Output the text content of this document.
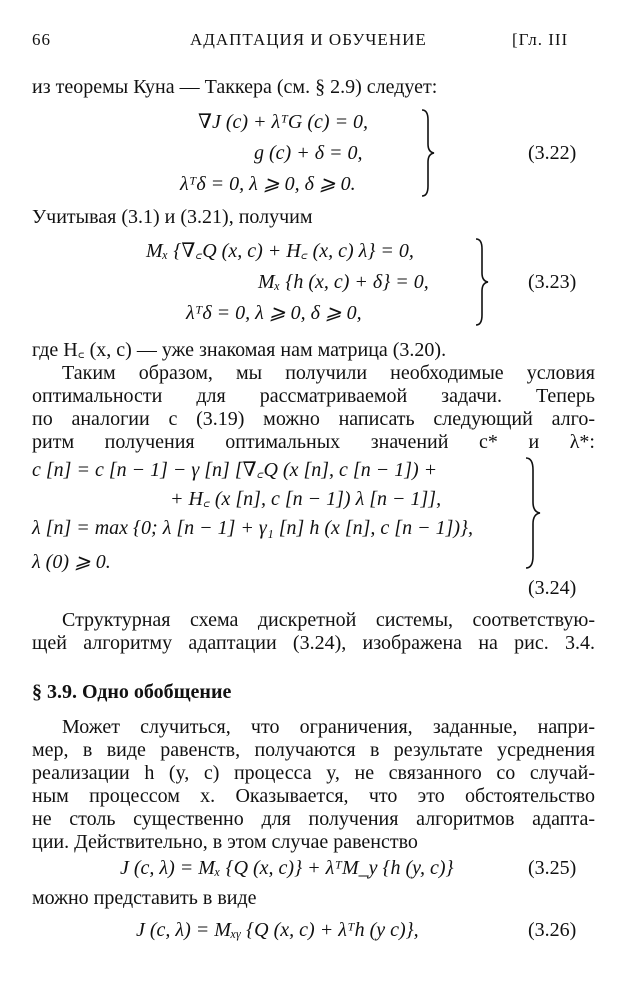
66	АДАПТАЦИЯ И ОБУЧЕНИЕ	[Гл. III
из теоремы Куна — Таккера (см. § 2.9) следует:
∇J (c) + λᵀG (c) = 0,
g (c) + δ = 0,
λᵀδ = 0, λ ⩾ 0, δ ⩾ 0.
(3.22)
Учитывая (3.1) и (3.21), получим
Mₓ {∇꜀Q (x, c) + H꜀ (x, c) λ} = 0,
Mₓ {h (x, c) + δ} = 0,
λᵀδ = 0, λ ⩾ 0, δ ⩾ 0,
(3.23)
где H꜀ (x, c) — уже знакомая нам матрица (3.20).
Таким образом, мы получили необходимые условия
оптимальности для рассматриваемой задачи. Теперь
по аналогии с (3.19) можно написать следующий алго-
ритм получения оптимальных значений c* и λ*:
c [n] = c [n − 1] − γ [n] [∇꜀Q (x [n], c [n − 1]) +
+ H꜀ (x [n], c [n − 1]) λ [n − 1]],
λ [n] = max {0; λ [n − 1] + γ₁ [n] h (x [n], c [n − 1])},
λ (0) ⩾ 0.
(3.24)
Структурная схема дискретной системы, соответствую-
щей алгоритму адаптации (3.24), изображена на рис. 3.4.
§ 3.9. Одно обобщение
Может случиться, что ограничения, заданные, напри-
мер, в виде равенств, получаются в результате усреднения
реализации h (y, c) процесса y, не связанного со случай-
ным процессом x. Оказывается, что это обстоятельство
не столь существенно для получения алгоритмов адапта-
ции. Действительно, в этом случае равенство
J (c, λ) = Mₓ {Q (x, c)} + λᵀM_y {h (y, c)}	(3.25)
можно представить в виде
J (c, λ) = Mₓᵧ {Q (x, c) + λᵀh (y c)},	(3.26)
